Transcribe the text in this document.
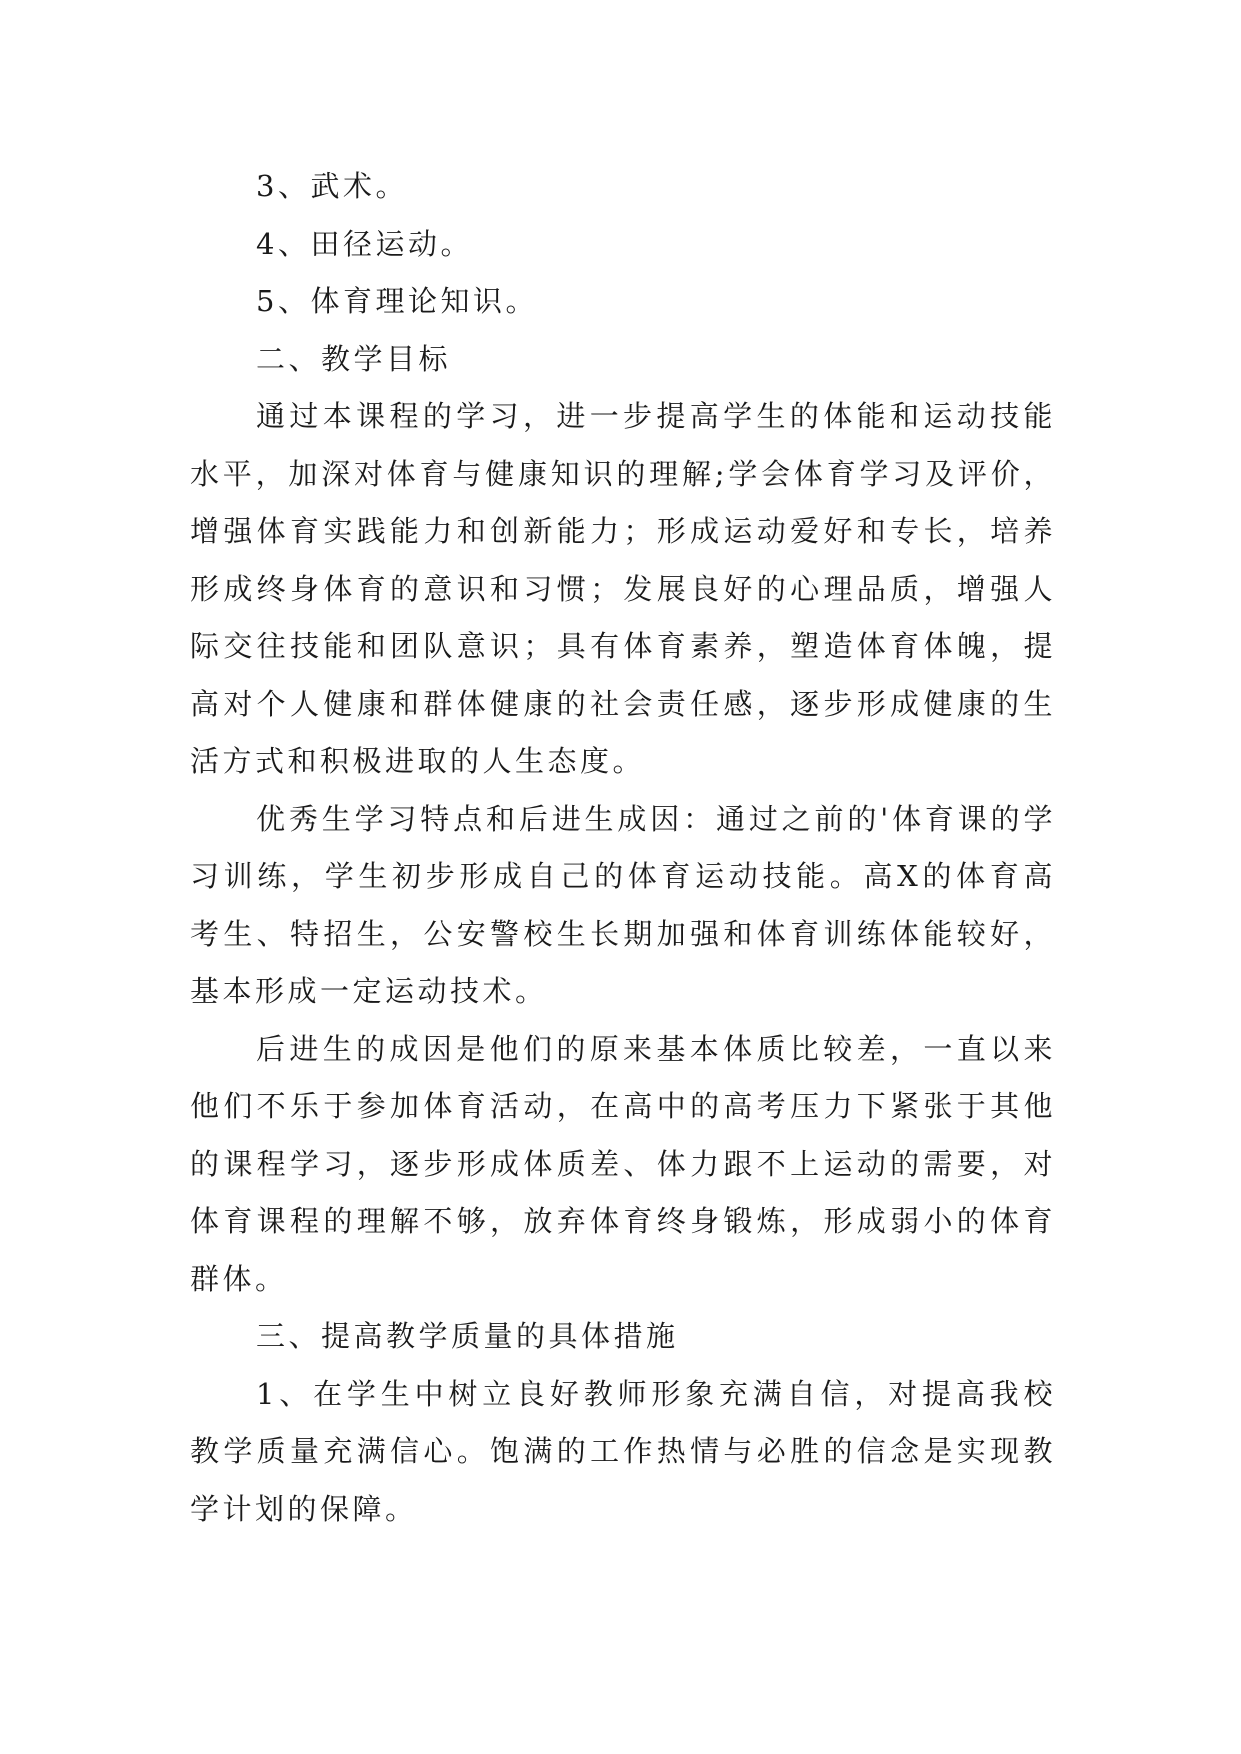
3、武术。

4、田径运动。

5、体育理论知识。

二、教学目标

通过本课程的学习，进一步提高学生的体能和运动技能水平，加深对体育与健康知识的理解;学会体育学习及评价，增强体育实践能力和创新能力；形成运动爱好和专长，培养形成终身体育的意识和习惯；发展良好的心理品质，增强人际交往技能和团队意识；具有体育素养，塑造体育体魄，提高对个人健康和群体健康的社会责任感，逐步形成健康的生活方式和积极进取的人生态度。

优秀生学习特点和后进生成因：通过之前的'体育课的学习训练，学生初步形成自己的体育运动技能。高X的体育高考生、特招生，公安警校生长期加强和体育训练体能较好，基本形成一定运动技术。

后进生的成因是他们的原来基本体质比较差，一直以来他们不乐于参加体育活动，在高中的高考压力下紧张于其他的课程学习，逐步形成体质差、体力跟不上运动的需要，对体育课程的理解不够，放弃体育终身锻炼，形成弱小的体育群体。

三、提高教学质量的具体措施

1、在学生中树立良好教师形象充满自信，对提高我校教学质量充满信心。饱满的工作热情与必胜的信念是实现教学计划的保障。
